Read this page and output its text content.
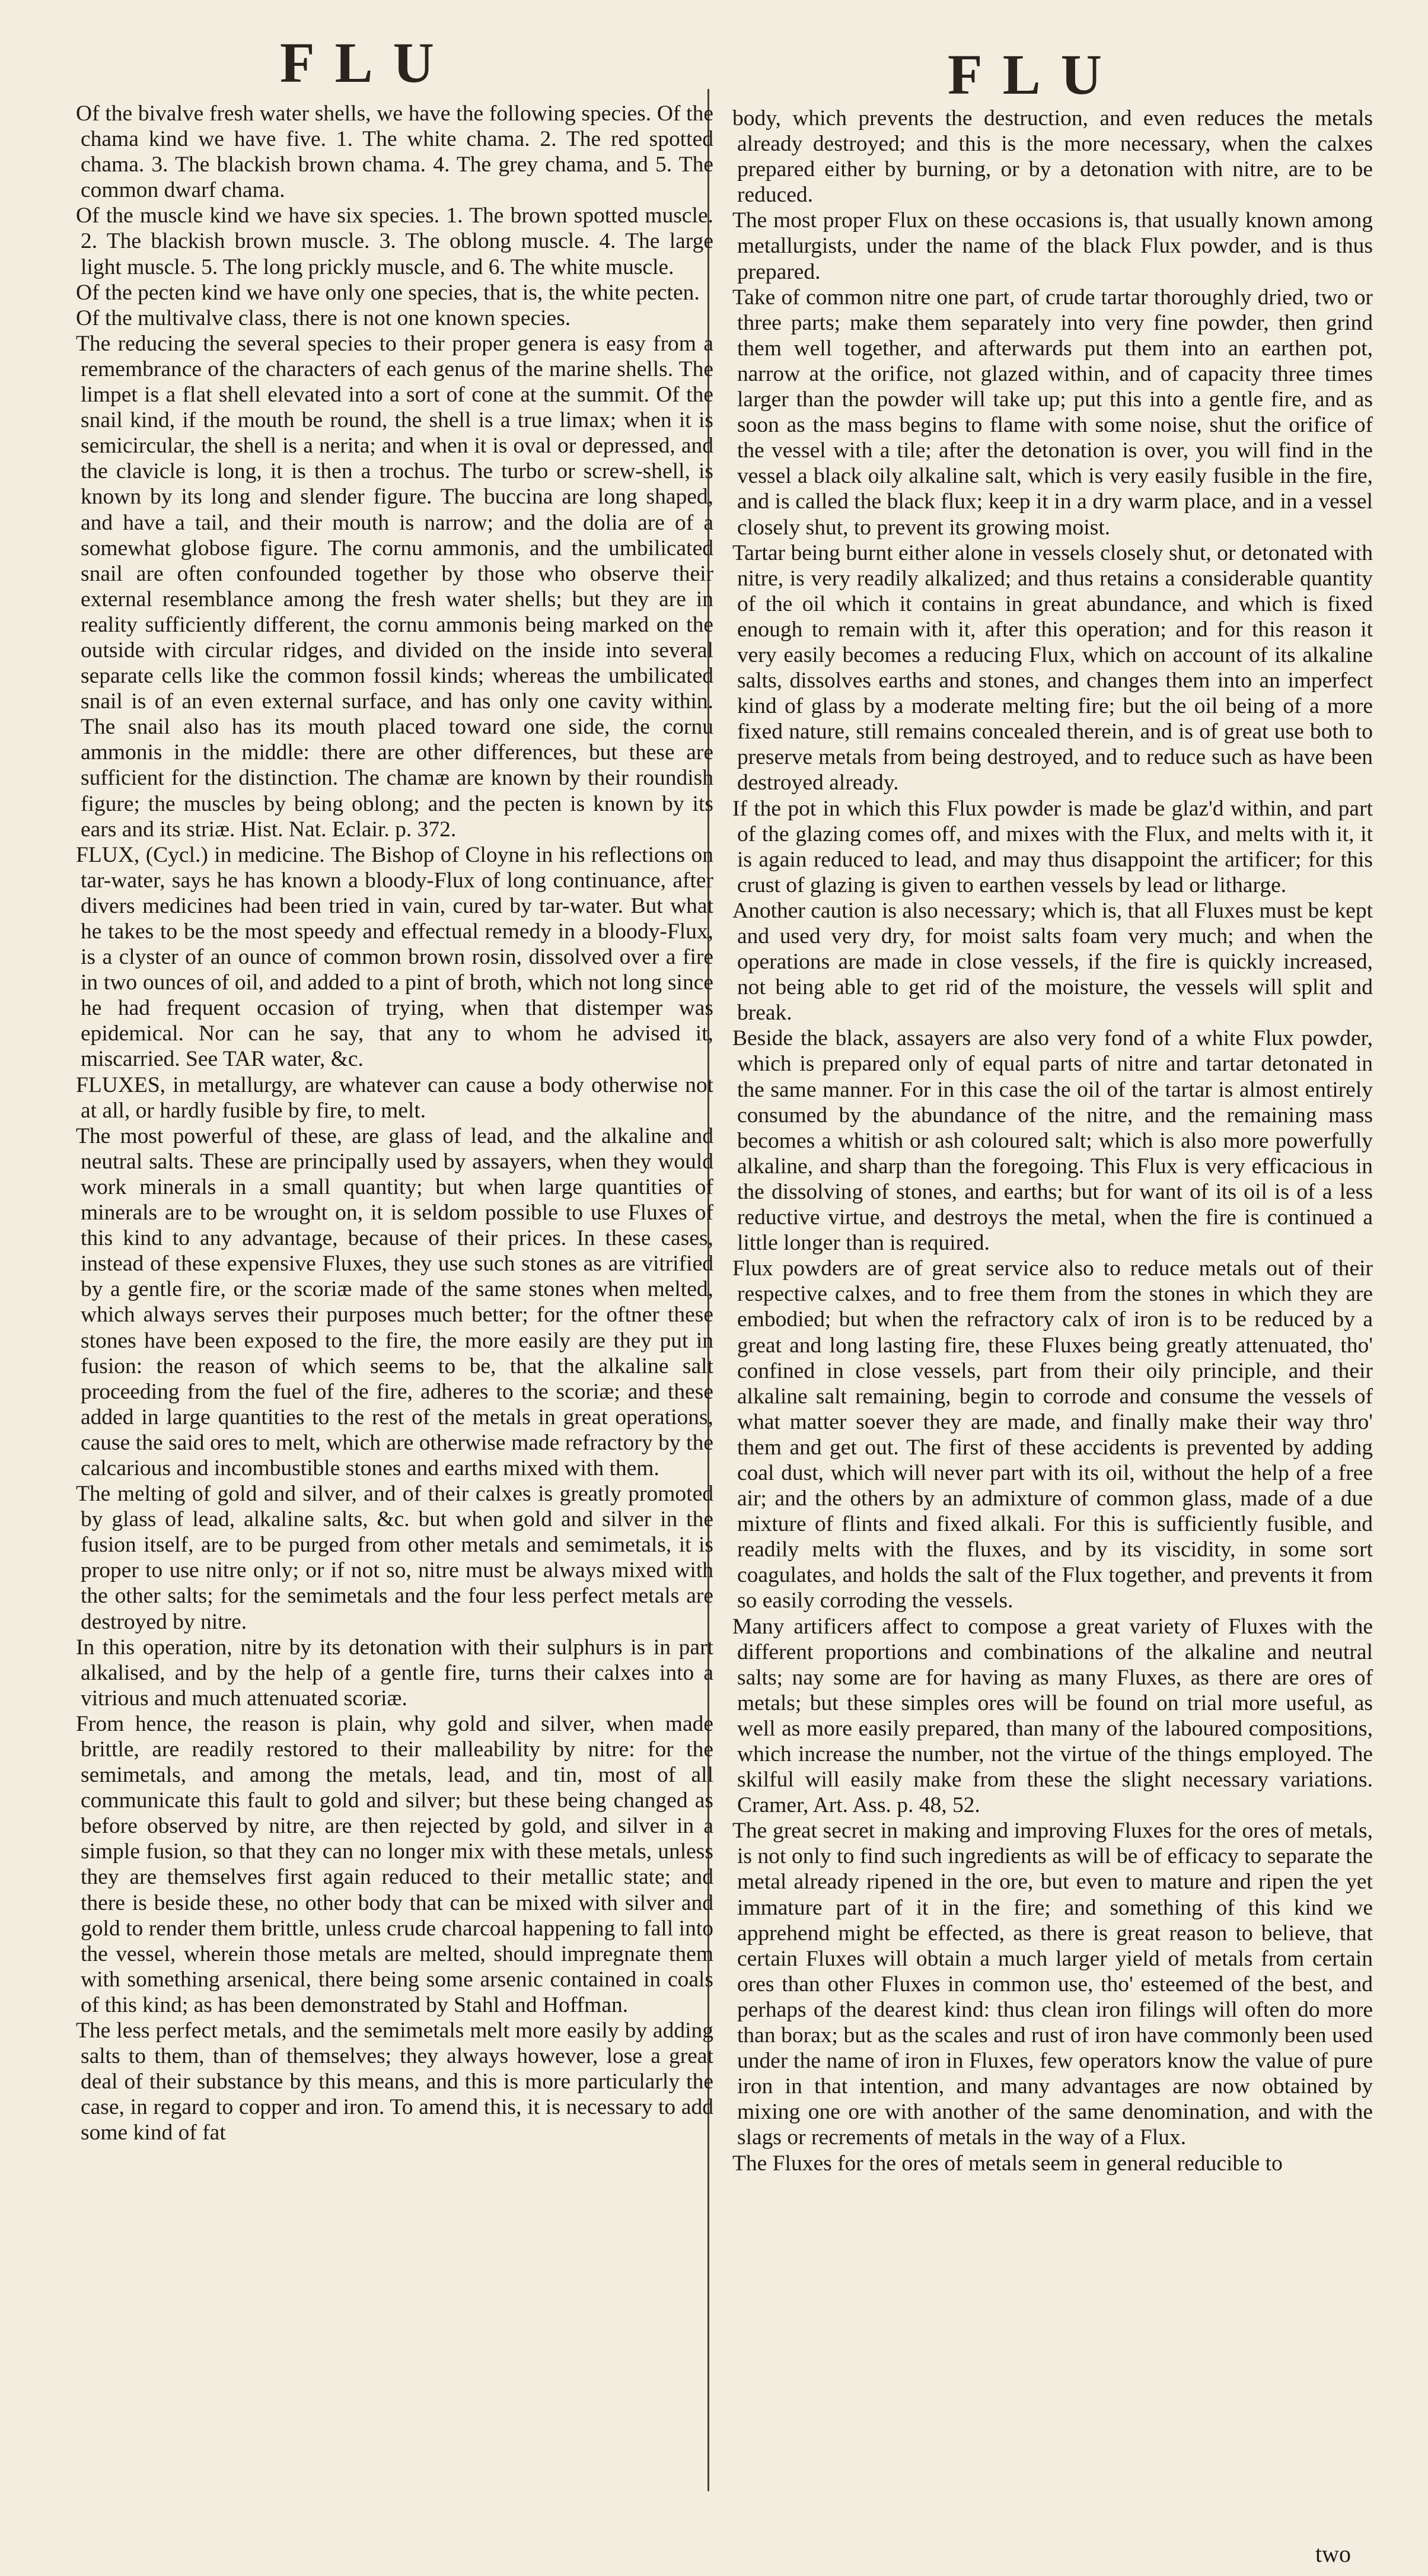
FLU	FLU

Of the bivalve fresh water shells, we have the following species. Of the chama kind we have five. 1. The white chama. 2. The red spotted chama. 3. The blackish brown chama. 4. The grey chama, and 5. The common dwarf chama.

Of the muscle kind we have six species. 1. The brown spotted muscle. 2. The blackish brown muscle. 3. The oblong muscle. 4. The large light muscle. 5. The long prickly muscle, and 6. The white muscle.

Of the pecten kind we have only one species, that is, the white pecten.

Of the multivalve class, there is not one known species.

The reducing the several species to their proper genera is easy from a remembrance of the characters of each genus of the marine shells. The limpet is a flat shell elevated into a sort of cone at the summit. Of the snail kind, if the mouth be round, the shell is a true limax; when it is semicircular, the shell is a nerita; and when it is oval or depressed, and the clavicle is long, it is then a trochus. The turbo or screw-shell, is known by its long and slender figure. The buccina are long shaped, and have a tail, and their mouth is narrow; and the dolia are of a somewhat globose figure. The cornu ammonis, and the umbilicated snail are often confounded together by those who observe their external resemblance among the fresh water shells; but they are in reality sufficiently different, the cornu ammonis being marked on the outside with circular ridges, and divided on the inside into several separate cells like the common fossil kinds; whereas the umbilicated snail is of an even external surface, and has only one cavity within. The snail also has its mouth placed toward one side, the cornu ammonis in the middle: there are other differences, but these are sufficient for the distinction. The chamæ are known by their roundish figure; the muscles by being oblong; and the pecten is known by its ears and its striæ. Hist. Nat. Eclair. p. 372.

FLUX, (Cycl.) in medicine. The Bishop of Cloyne in his reflections on tar-water, says he has known a bloody-Flux of long continuance, after divers medicines had been tried in vain, cured by tar-water. But what he takes to be the most speedy and effectual remedy in a bloody-Flux, is a clyster of an ounce of common brown rosin, dissolved over a fire in two ounces of oil, and added to a pint of broth, which not long since he had frequent occasion of trying, when that distemper was epidemical. Nor can he say, that any to whom he advised it, miscarried. See TAR water, &c.

FLUXES, in metallurgy, are whatever can cause a body otherwise not at all, or hardly fusible by fire, to melt.

The most powerful of these, are glass of lead, and the alkaline and neutral salts. These are principally used by assayers, when they would work minerals in a small quantity; but when large quantities of minerals are to be wrought on, it is seldom possible to use Fluxes of this kind to any advantage, because of their prices. In these cases, instead of these expensive Fluxes, they use such stones as are vitrified by a gentle fire, or the scoriæ made of the same stones when melted, which always serves their purposes much better; for the oftner these stones have been exposed to the fire, the more easily are they put in fusion: the reason of which seems to be, that the alkaline salt proceeding from the fuel of the fire, adheres to the scoriæ; and these added in large quantities to the rest of the metals in great operations, cause the said ores to melt, which are otherwise made refractory by the calcarious and incombustible stones and earths mixed with them.

The melting of gold and silver, and of their calxes is greatly promoted by glass of lead, alkaline salts, &c. but when gold and silver in the fusion itself, are to be purged from other metals and semimetals, it is proper to use nitre only; or if not so, nitre must be always mixed with the other salts; for the semimetals and the four less perfect metals are destroyed by nitre.

In this operation, nitre by its detonation with their sulphurs is in part alkalised, and by the help of a gentle fire, turns their calxes into a vitrious and much attenuated scoriæ.

From hence, the reason is plain, why gold and silver, when made brittle, are readily restored to their malleability by nitre: for the semimetals, and among the metals, lead, and tin, most of all communicate this fault to gold and silver; but these being changed as before observed by nitre, are then rejected by gold, and silver in a simple fusion, so that they can no longer mix with these metals, unless they are themselves first again reduced to their metallic state; and there is beside these, no other body that can be mixed with silver and gold to render them brittle, unless crude charcoal happening to fall into the vessel, wherein those metals are melted, should impregnate them with something arsenical, there being some arsenic contained in coals of this kind; as has been demonstrated by Stahl and Hoffman.

The less perfect metals, and the semimetals melt more easily by adding salts to them, than of themselves; they always however, lose a great deal of their substance by this means, and this is more particularly the case, in regard to copper and iron. To amend this, it is necessary to add some kind of fat

body, which prevents the destruction, and even reduces the metals already destroyed; and this is the more necessary, when the calxes prepared either by burning, or by a detonation with nitre, are to be reduced.

The most proper Flux on these occasions is, that usually known among metallurgists, under the name of the black Flux powder, and is thus prepared.

Take of common nitre one part, of crude tartar thoroughly dried, two or three parts; make them separately into very fine powder, then grind them well together, and afterwards put them into an earthen pot, narrow at the orifice, not glazed within, and of capacity three times larger than the powder will take up; put this into a gentle fire, and as soon as the mass begins to flame with some noise, shut the orifice of the vessel with a tile; after the detonation is over, you will find in the vessel a black oily alkaline salt, which is very easily fusible in the fire, and is called the black flux; keep it in a dry warm place, and in a vessel closely shut, to prevent its growing moist.

Tartar being burnt either alone in vessels closely shut, or detonated with nitre, is very readily alkalized; and thus retains a considerable quantity of the oil which it contains in great abundance, and which is fixed enough to remain with it, after this operation; and for this reason it very easily becomes a reducing Flux, which on account of its alkaline salts, dissolves earths and stones, and changes them into an imperfect kind of glass by a moderate melting fire; but the oil being of a more fixed nature, still remains concealed therein, and is of great use both to preserve metals from being destroyed, and to reduce such as have been destroyed already.

If the pot in which this Flux powder is made be glaz'd within, and part of the glazing comes off, and mixes with the Flux, and melts with it, it is again reduced to lead, and may thus disappoint the artificer; for this crust of glazing is given to earthen vessels by lead or litharge.

Another caution is also necessary; which is, that all Fluxes must be kept and used very dry, for moist salts foam very much; and when the operations are made in close vessels, if the fire is quickly increased, not being able to get rid of the moisture, the vessels will split and break.

Beside the black, assayers are also very fond of a white Flux powder, which is prepared only of equal parts of nitre and tartar detonated in the same manner. For in this case the oil of the tartar is almost entirely consumed by the abundance of the nitre, and the remaining mass becomes a whitish or ash coloured salt; which is also more powerfully alkaline, and sharp than the foregoing. This Flux is very efficacious in the dissolving of stones, and earths; but for want of its oil is of a less reductive virtue, and destroys the metal, when the fire is continued a little longer than is required.

Flux powders are of great service also to reduce metals out of their respective calxes, and to free them from the stones in which they are embodied; but when the refractory calx of iron is to be reduced by a great and long lasting fire, these Fluxes being greatly attenuated, tho' confined in close vessels, part from their oily principle, and their alkaline salt remaining, begin to corrode and consume the vessels of what matter soever they are made, and finally make their way thro' them and get out. The first of these accidents is prevented by adding coal dust, which will never part with its oil, without the help of a free air; and the others by an admixture of common glass, made of a due mixture of flints and fixed alkali. For this is sufficiently fusible, and readily melts with the fluxes, and by its viscidity, in some sort coagulates, and holds the salt of the Flux together, and prevents it from so easily corroding the vessels.

Many artificers affect to compose a great variety of Fluxes with the different proportions and combinations of the alkaline and neutral salts; nay some are for having as many Fluxes, as there are ores of metals; but these simples ores will be found on trial more useful, as well as more easily prepared, than many of the laboured compositions, which increase the number, not the virtue of the things employed. The skilful will easily make from these the slight necessary variations. Cramer, Art. Ass. p. 48, 52.

The great secret in making and improving Fluxes for the ores of metals, is not only to find such ingredients as will be of efficacy to separate the metal already ripened in the ore, but even to mature and ripen the yet immature part of it in the fire; and something of this kind we apprehend might be effected, as there is great reason to believe, that certain Fluxes will obtain a much larger yield of metals from certain ores than other Fluxes in common use, tho' esteemed of the best, and perhaps of the dearest kind: thus clean iron filings will often do more than borax; but as the scales and rust of iron have commonly been used under the name of iron in Fluxes, few operators know the value of pure iron in that intention, and many advantages are now obtained by mixing one ore with another of the same denomination, and with the slags or recrements of metals in the way of a Flux.

The Fluxes for the ores of metals seem in general reducible to

two
